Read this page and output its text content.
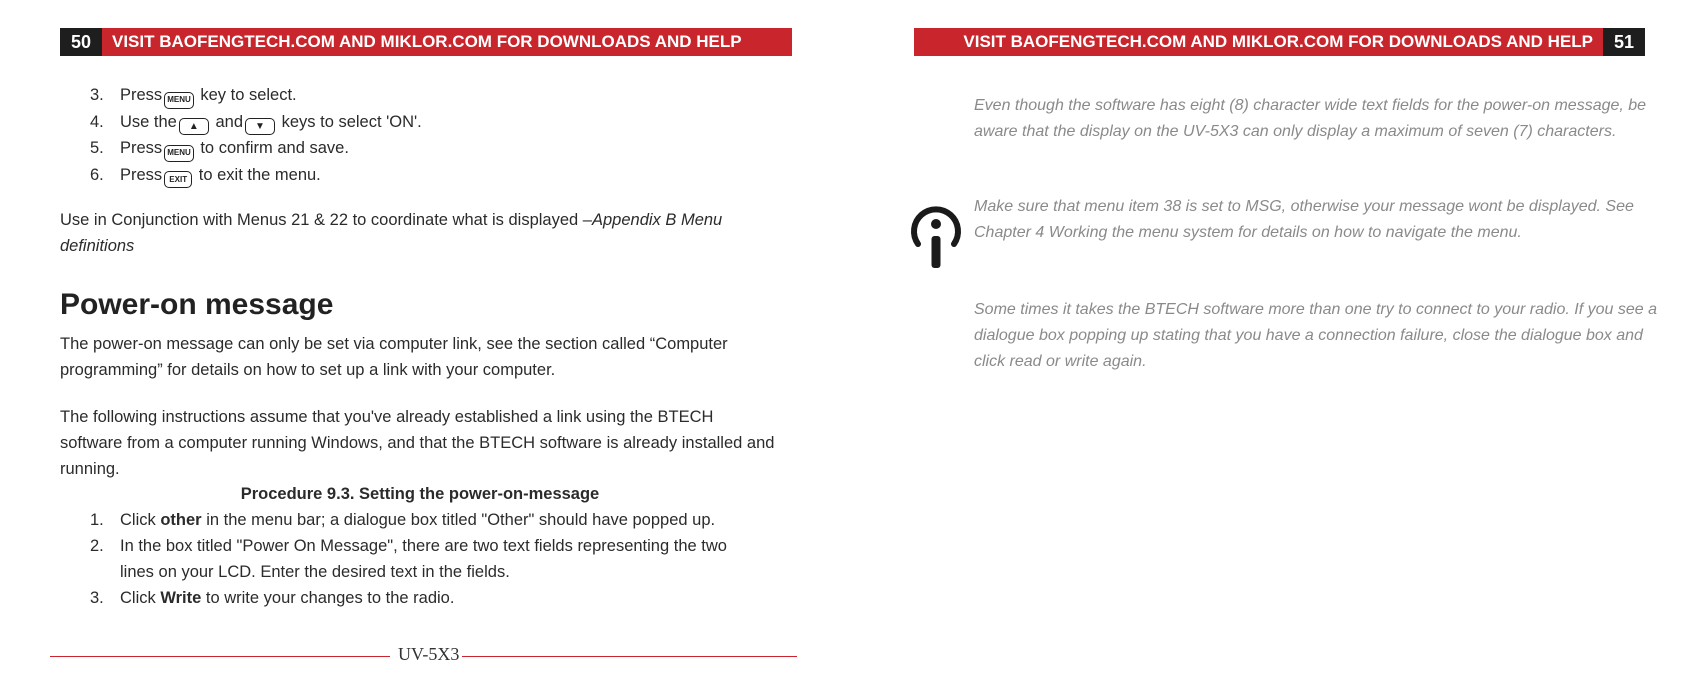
50	VISIT BAOFENGTECH.COM AND MIKLOR.COM FOR DOWNLOADS AND HELP
3. Press MENU key to select.
4. Use the ▲ and ▼ keys to select 'ON'.
5. Press MENU to confirm and save.
6. Press EXIT to exit the menu.
Use in Conjunction with Menus 21 & 22 to coordinate what is displayed –Appendix B Menu definitions
Power-on message
The power-on message can only be set via computer link, see the section called “Computer programming” for details on how to set up a link with your computer.
The following instructions assume that you've already established a link using the BTECH software from a computer running Windows, and that the BTECH software is already installed and running.
Procedure 9.3. Setting the power-on-message
1. Click other in the menu bar; a dialogue box titled "Other" should have popped up.
2. In the box titled "Power On Message", there are two text fields representing the two lines on your LCD. Enter the desired text in the fields.
3. Click Write to write your changes to the radio.
UV-5X3
VISIT BAOFENGTECH.COM AND MIKLOR.COM FOR DOWNLOADS AND HELP	51
Even though the software has eight (8) character wide text fields for the power-on message, be aware that the display on the UV-5X3 can only display a maximum of seven (7) characters.
Make sure that menu item 38 is set to MSG, otherwise your message wont be displayed. See Chapter 4 Working the menu system for details on how to navigate the menu.
Some times it takes the BTECH software more than one try to connect to your radio. If you see a dialogue box popping up stating that you have a connection failure, close the dialogue box and click read or write again.
